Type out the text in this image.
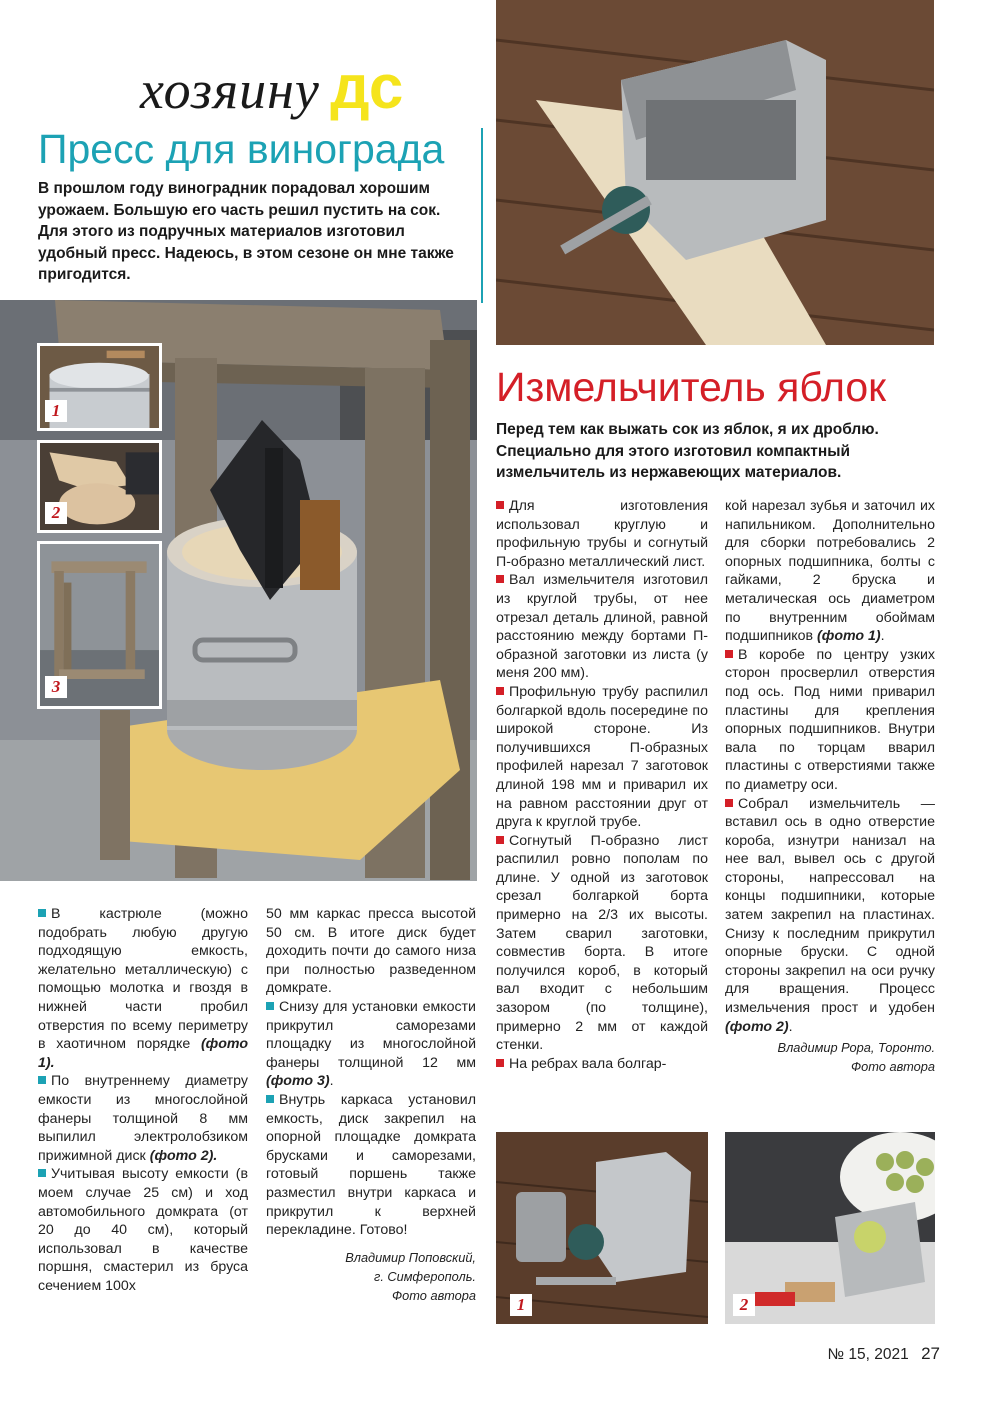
хозяину дс
Пресс для винограда
В прошлом году виноградник порадовал хорошим урожаем. Большую его часть решил пустить на сок. Для этого из подручных материалов изготовил удобный пресс. Надеюсь, в этом сезоне он мне также пригодится.
1
2
3

В кастрюле (можно подобрать любую другую подходящую емкость, желательно металлическую) с помощью молотка и гвоздя в нижней части пробил отверстия по всему периметру в хаотичном порядке (фото 1).

По внутреннему диаметру емкости из многослойной фанеры толщиной 8 мм выпилил электролобзиком прижимной диск (фото 2).

Учитывая высоту емкости (в моем случае 25 см) и ход автомобильного домкрата (от 20 до 40 см), который использовал в качестве поршня, смастерил из бруса сечением 100х

50 мм каркас пресса высотой 50 см. В итоге диск будет доходить почти до самого низа при полностью разведенном домкрате.

Снизу для установки емкости прикрутил саморезами площадку из многослойной фанеры толщиной 12 мм (фото 3).

Внутрь каркаса установил емкость, диск закрепил на опорной площадке домкрата брусками и саморезами, готовый поршень также разместил внутри каркаса и прикрутил к верхней перекладине. Готово!

Владимир Поповский,
г. Симферополь.
Фото автора
Измельчитель яблок
Перед тем как выжать сок из яблок, я их дроблю. Специально для этого изготовил компактный измельчитель из нержавеющих материалов.

Для изготовления использовал круглую и профильную трубы и согнутый П-образно металлический лист.

Вал измельчителя изготовил из круглой трубы, от нее отрезал деталь длиной, равной расстоянию между бортами П-образной заготовки из листа (у меня 200 мм).

Профильную трубу распилил болгаркой вдоль посередине по широкой стороне. Из получившихся П-образных профилей нарезал 7 заготовок длиной 198 мм и приварил их на равном расстоянии друг от друга к круглой трубе.

Согнутый П-образно лист распилил ровно пополам по длине. У одной из заготовок срезал болгаркой борта примерно на 2/3 их высоты. Затем сварил заготовки, совместив борта. В итоге получился короб, в который вал входит с небольшим зазором (по толщине), примерно 2 мм от каждой стенки.

На ребрах вала болгар-

кой нарезал зубья и заточил их напильником. Дополнительно для сборки потребовались 2 опорных подшипника, болты с гайками, 2 бруска и металическая ось диаметром по внутренним обоймам подшипников (фото 1).

В коробе по центру узких сторон просверлил отверстия под ось. Под ними приварил пластины для крепления опорных подшипников. Внутри вала по торцам вварил пластины с отверстиями также по диаметру оси.

Собрал измельчитель — вставил ось в одно отверстие короба, изнутри нанизал на нее вал, вывел ось с другой стороны, напрессовал на концы подшипники, которые затем закрепил на пластинах. Снизу к последним прикрутил опорные бруски. С одной стороны закрепил на оси ручку для вращения. Процесс измельчения прост и удобен (фото 2).

Владимир Рора, Торонто.
Фото автора
1	2
№ 15, 2021 27
